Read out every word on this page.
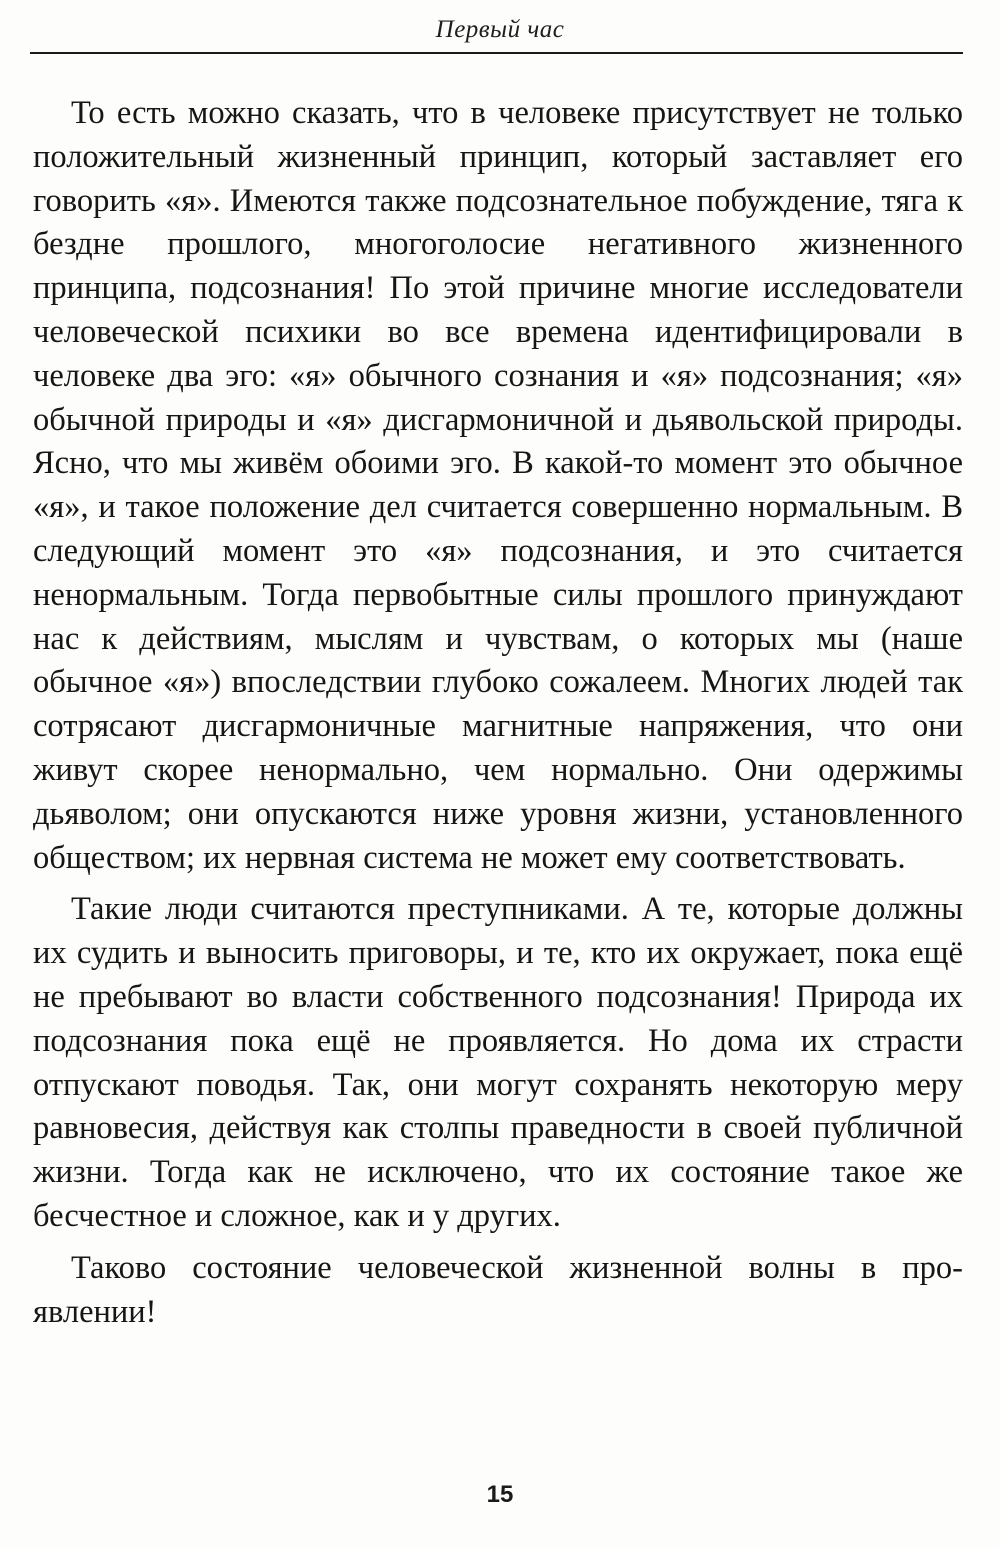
Первый час

То есть можно сказать, что в человеке присутствует не только положительный жизненный принцип, который заставляет его говорить «я». Имеются также подсознательное побуждение, тяга к бездне прошлого, многоголосие негативного жизненного принципа, подсознания! По этой причине многие исследователи человеческой психики во все времена идентифицировали в человеке два эго: «я» обычного сознания и «я» подсознания; «я» обычной природы и «я» дисгармоничной и дьявольской природы. Ясно, что мы живём обоими эго. В какой-то момент это обычное «я», и такое положение дел считается совершенно нормальным. В следующий момент это «я» подсознания, и это считается ненормальным. Тогда первобытные силы прошлого принуждают нас к действиям, мыслям и чувствам, о которых мы (наше обычное «я») впоследствии глубоко сожалеем. Многих людей так сотрясают дисгармоничные магнитные напряжения, что они живут скорее ненормально, чем нормально. Они одержимы дьяволом; они опускаются ниже уровня жизни, установленного обществом; их нервная система не может ему соответствовать.

Такие люди считаются преступниками. А те, которые должны их судить и выносить приговоры, и те, кто их окружает, пока ещё не пребывают во власти собственного подсознания! Природа их подсознания пока ещё не проявляется. Но дома их страсти отпускают поводья. Так, они могут сохранять некоторую меру равновесия, действуя как столпы праведности в своей публичной жизни. Тогда как не исключено, что их состояние такое же бесчестное и сложное, как и у других.

Таково состояние человеческой жизненной волны в проявлении!

15
